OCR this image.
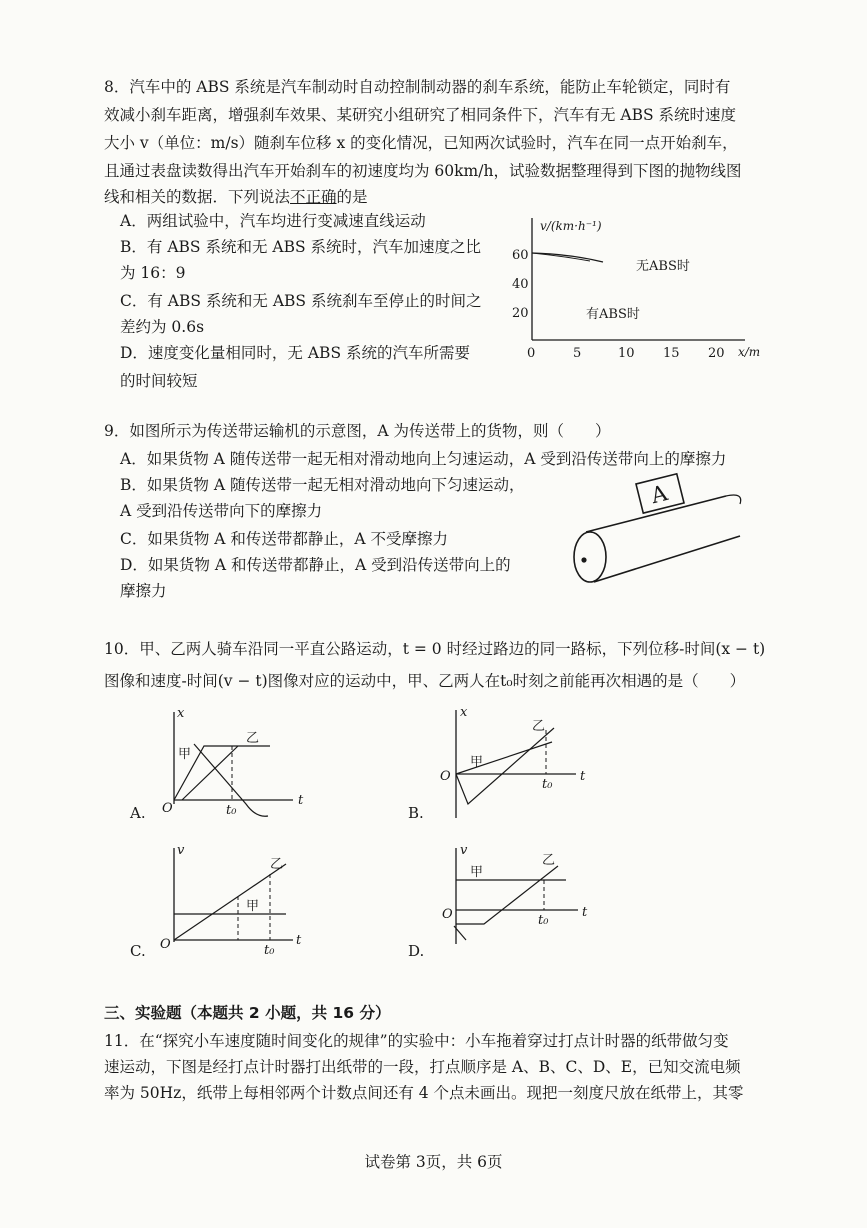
8．汽车中的 ABS 系统是汽车制动时自动控制制动器的刹车系统，能防止车轮锁定，同时有
效减小刹车距离，增强刹车效果、某研究小组研究了相同条件下，汽车有无 ABS 系统时速度
大小 v（单位：m/s）随刹车位移 x 的变化情况，已知两次试验时，汽车在同一点开始刹车，
且通过表盘读数得出汽车开始刹车的初速度均为 60km/h，试验数据整理得到下图的抛物线图
线和相关的数据．下列说法不正确的是
A．两组试验中，汽车均进行变减速直线运动
B．有 ABS 系统和无 ABS 系统时，汽车加速度之比
为 16：9
C．有 ABS 系统和无 ABS 系统刹车至停止的时间之
差约为 0.6s
D．速度变化量相同时，无 ABS 系统的汽车所需要
的时间较短
v/(km·h⁻¹)
x/m
60
40
20
0	5	10 15 20
无ABS时
有ABS时
9．如图所示为传送带运输机的示意图，A 为传送带上的货物，则（　　）
A．如果货物 A 随传送带一起无相对滑动地向上匀速运动，A 受到沿传送带向上的摩擦力
B．如果货物 A 随传送带一起无相对滑动地向下匀速运动，
A 受到沿传送带向下的摩擦力
C．如果货物 A 和传送带都静止，A 不受摩擦力
D．如果货物 A 和传送带都静止，A 受到沿传送带向上的
摩擦力
A
10．甲、乙两人骑车沿同一平直公路运动，t = 0 时经过路边的同一路标，下列位移-时间(x − t)
图像和速度-时间(v − t)图像对应的运动中，甲、乙两人在t₀时刻之前能再次相遇的是（　　）
A.
x
t
O
甲
乙
t₀	B.
x
t
O
甲
乙
t₀
C.
v
t
O
甲
乙
t₀	D.
v
t
O
甲
乙
t₀
三、实验题（本题共 2 小题，共 16 分）
11．在“探究小车速度随时间变化的规律”的实验中：小车拖着穿过打点计时器的纸带做匀变
速运动，下图是经打点计时器打出纸带的一段，打点顺序是 A、B、C、D、E，已知交流电频
率为 50Hz，纸带上每相邻两个计数点间还有 4 个点未画出。现把一刻度尺放在纸带上，其零
试卷第 3页，共 6页
